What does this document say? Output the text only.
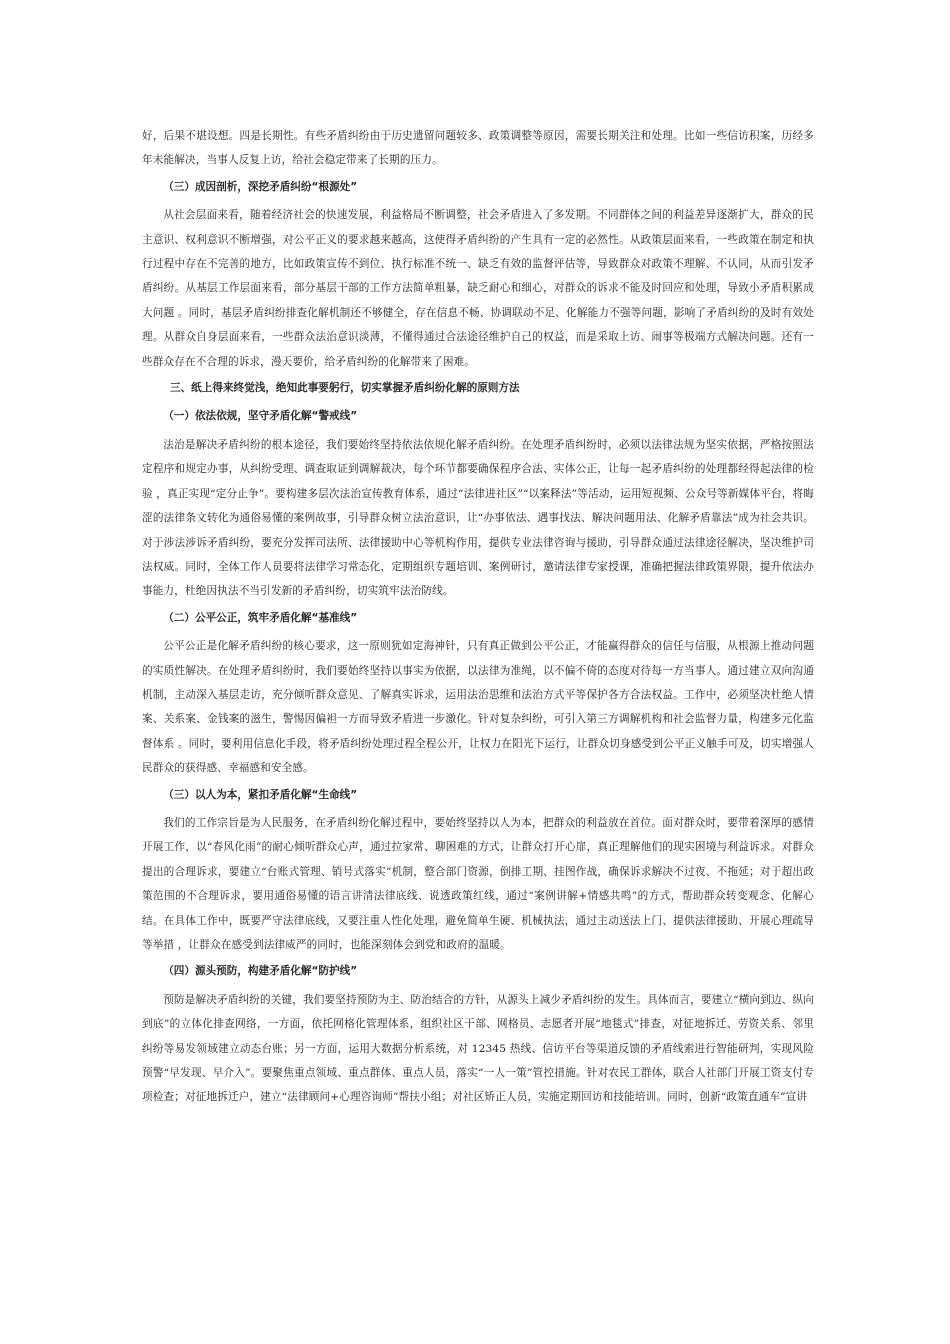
好，后果不堪设想。四是长期性。有些矛盾纠纷由于历史遗留问题较多、政策调整等原因，需要长期关注和处理。比如一些信访积案，历经多年未能解决，当事人反复上访，给社会稳定带来了长期的压力。

（三）成因剖析，深挖矛盾纠纷“根源处”

从社会层面来看，随着经济社会的快速发展，利益格局不断调整，社会矛盾进入了多发期。不同群体之间的利益差异逐渐扩大，群众的民主意识、权利意识不断增强，对公平正义的要求越来越高，这使得矛盾纠纷的产生具有一定的必然性。从政策层面来看，一些政策在制定和执行过程中存在不完善的地方，比如政策宣传不到位、执行标准不统一、缺乏有效的监督评估等，导致群众对政策不理解、不认同，从而引发矛盾纠纷。从基层工作层面来看，部分基层干部的工作方法简单粗暴，缺乏耐心和细心，对群众的诉求不能及时回应和处理，导致小矛盾积累成大问题 。同时，基层矛盾纠纷排查化解机制还不够健全，存在信息不畅、协调联动不足、化解能力不强等问题，影响了矛盾纠纷的及时有效处理。从群众自身层面来看，一些群众法治意识淡薄，不懂得通过合法途径维护自己的权益，而是采取上访、闹事等极端方式解决问题。还有一些群众存在不合理的诉求，漫天要价，给矛盾纠纷的化解带来了困难。

三、纸上得来终觉浅，绝知此事要躬行，切实掌握矛盾纠纷化解的原则方法

（一）依法依规，坚守矛盾化解“警戒线”

法治是解决矛盾纠纷的根本途径，我们要始终坚持依法依规化解矛盾纠纷。在处理矛盾纠纷时，必须以法律法规为坚实依据，严格按照法定程序和规定办事，从纠纷受理、调查取证到调解裁决，每个环节都要确保程序合法、实体公正，让每一起矛盾纠纷的处理都经得起法律的检验 ，真正实现“定分止争”。要构建多层次法治宣传教育体系，通过“法律进社区”“以案释法”等活动，运用短视频、公众号等新媒体平台，将晦涩的法律条文转化为通俗易懂的案例故事，引导群众树立法治意识，让“办事依法、遇事找法、解决问题用法、化解矛盾靠法”成为社会共识。对于涉法涉诉矛盾纠纷，要充分发挥司法所、法律援助中心等机构作用，提供专业法律咨询与援助，引导群众通过法律途径解决，坚决维护司法权威。同时，全体工作人员要将法律学习常态化，定期组织专题培训、案例研讨，邀请法律专家授课，准确把握法律政策界限，提升依法办事能力，杜绝因执法不当引发新的矛盾纠纷，切实筑牢法治防线。

（二）公平公正，筑牢矛盾化解“基准线”

公平公正是化解矛盾纠纷的核心要求，这一原则犹如定海神针，只有真正做到公平公正，才能赢得群众的信任与信服，从根源上推动问题的实质性解决。在处理矛盾纠纷时，我们要始终坚持以事实为依据，以法律为准绳，以不偏不倚的态度对待每一方当事人。通过建立双向沟通机制，主动深入基层走访，充分倾听群众意见、了解真实诉求，运用法治思维和法治方式平等保护各方合法权益。工作中，必须坚决杜绝人情案、关系案、金钱案的滋生，警惕因偏袒一方而导致矛盾进一步激化。针对复杂纠纷，可引入第三方调解机构和社会监督力量，构建多元化监督体系 。同时，要利用信息化手段，将矛盾纠纷处理过程全程公开，让权力在阳光下运行，让群众切身感受到公平正义触手可及，切实增强人民群众的获得感、幸福感和安全感。

（三）以人为本，紧扣矛盾化解“生命线”

我们的工作宗旨是为人民服务，在矛盾纠纷化解过程中，要始终坚持以人为本，把群众的利益放在首位。面对群众时，要带着深厚的感情开展工作，以“春风化雨”的耐心倾听群众心声，通过拉家常、聊困难的方式，让群众打开心扉，真正理解他们的现实困境与利益诉求。对群众提出的合理诉求，要建立“台账式管理、销号式落实”机制，整合部门资源，倒排工期、挂图作战，确保诉求解决不过夜、不拖延；对于超出政策范围的不合理诉求，要用通俗易懂的语言讲清法律底线、说透政策红线，通过“案例讲解+情感共鸣”的方式，帮助群众转变观念、化解心结。在具体工作中，既要严守法律底线，又要注重人性化处理，避免简单生硬、机械执法，通过主动送法上门、提供法律援助、开展心理疏导等举措 ，让群众在感受到法律威严的同时，也能深刻体会到党和政府的温暖。

（四）源头预防，构建矛盾化解“防护线”

预防是解决矛盾纠纷的关键，我们要坚持预防为主、防治结合的方针，从源头上减少矛盾纠纷的发生。具体而言，要建立“横向到边、纵向到底”的立体化排查网络，一方面，依托网格化管理体系，组织社区干部、网格员、志愿者开展“地毯式”排查，对征地拆迁、劳资关系、邻里纠纷等易发领域建立动态台账；另一方面，运用大数据分析系统，对 12345 热线、信访平台等渠道反馈的矛盾线索进行智能研判，实现风险预警“早发现、早介入”。要聚焦重点领域、重点群体、重点人员，落实“一人一策”管控措施。针对农民工群体，联合人社部门开展工资支付专项检查；对征地拆迁户，建立“法律顾问+心理咨询师”帮扶小组；对社区矫正人员，实施定期回访和技能培训。同时，创新“政策直通车”宣讲
